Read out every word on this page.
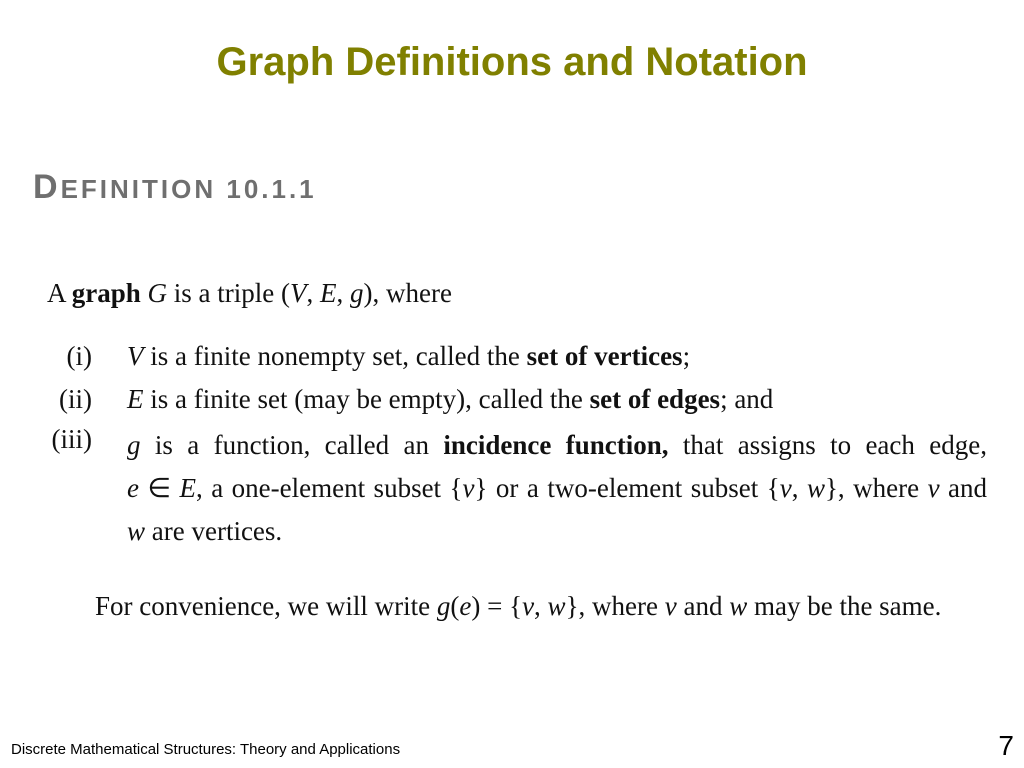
Graph Definitions and Notation
DEFINITION 10.1.1
A graph G is a triple (V, E, g), where
(i) V is a finite nonempty set, called the set of vertices;
(ii) E is a finite set (may be empty), called the set of edges; and
(iii) g is a function, called an incidence function, that assigns to each edge,
e ∈ E, a one-element subset {v} or a two-element subset {v, w}, where v and
w are vertices.
For convenience, we will write g(e) = {v, w}, where v and w may be the same.
Discrete Mathematical Structures: Theory and Applications	7
